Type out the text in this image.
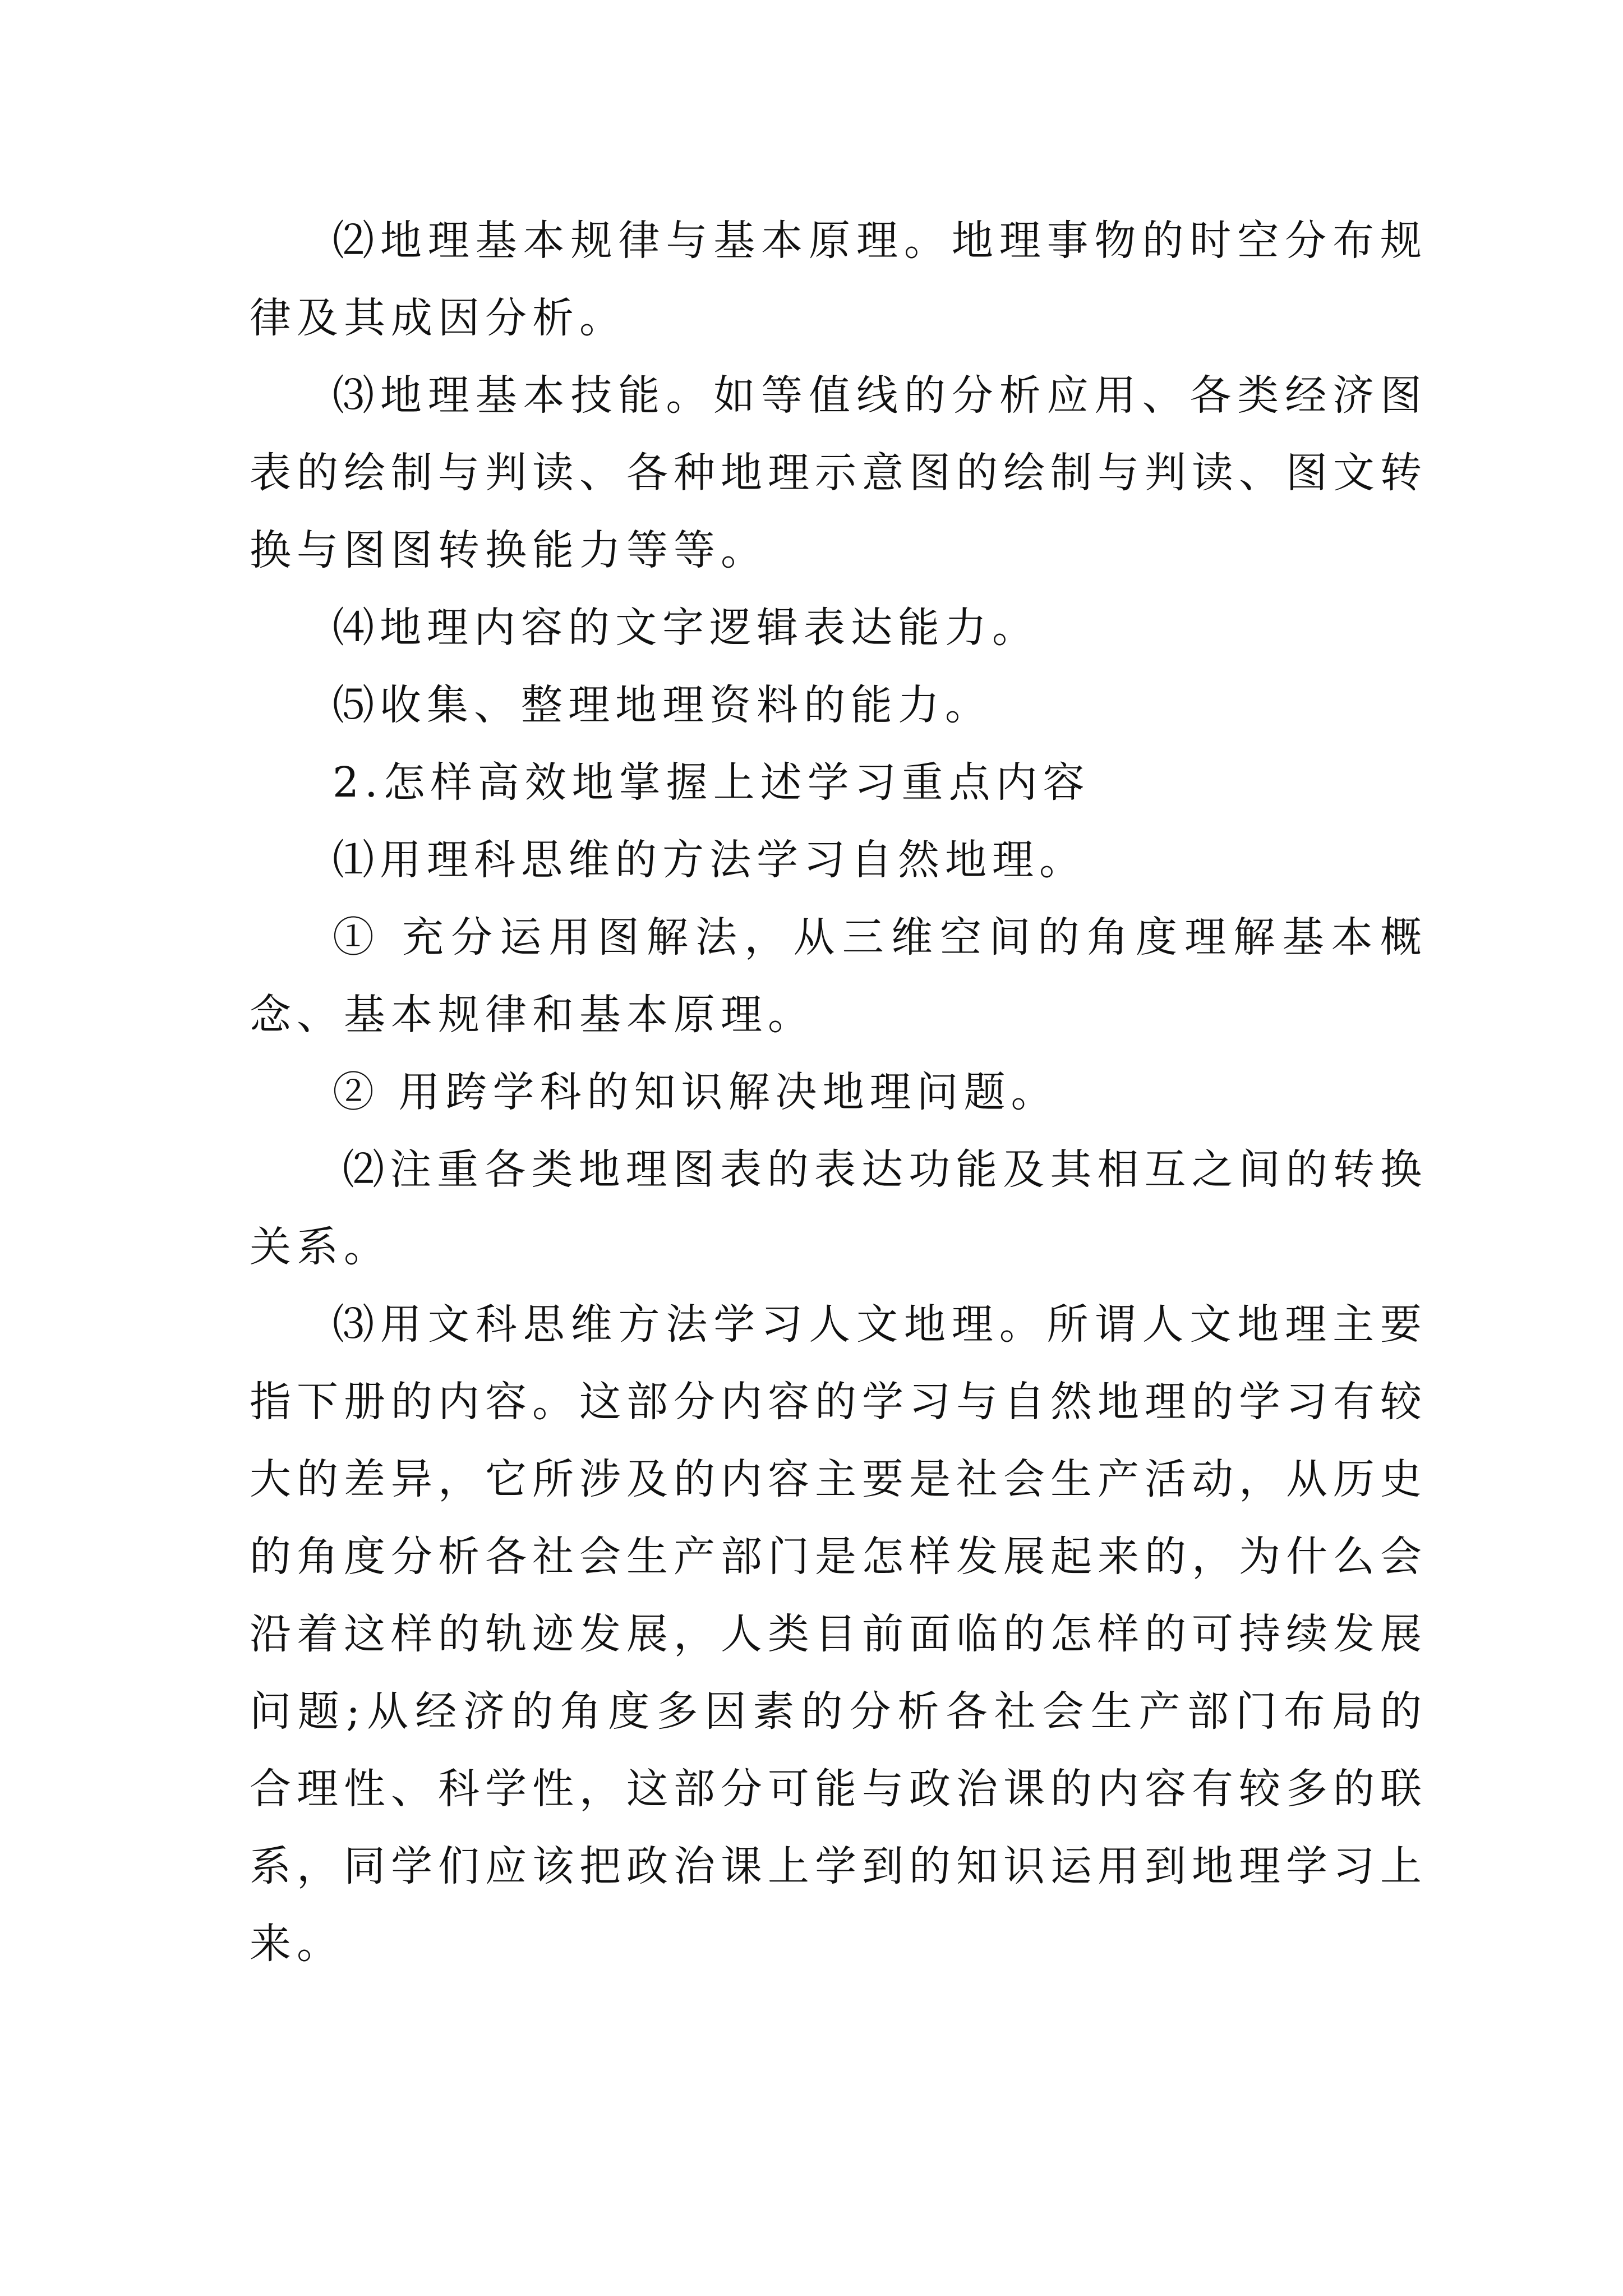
⑵地理基本规律与基本原理。地理事物的时空分布规律及其成因分析。

⑶地理基本技能。如等值线的分析应用、各类经济图表的绘制与判读、各种地理示意图的绘制与判读、图文转换与图图转换能力等等。

⑷地理内容的文字逻辑表达能力。

⑸收集、整理地理资料的能力。

2.怎样高效地掌握上述学习重点内容

⑴用理科思维的方法学习自然地理。

① 充分运用图解法，从三维空间的角度理解基本概念、基本规律和基本原理。

② 用跨学科的知识解决地理问题。

⑵注重各类地理图表的表达功能及其相互之间的转换关系。

⑶用文科思维方法学习人文地理。所谓人文地理主要指下册的内容。这部分内容的学习与自然地理的学习有较大的差异，它所涉及的内容主要是社会生产活动，从历史的角度分析各社会生产部门是怎样发展起来的，为什么会沿着这样的轨迹发展，人类目前面临的怎样的可持续发展问题;从经济的角度多因素的分析各社会生产部门布局的合理性、科学性，这部分可能与政治课的内容有较多的联系，同学们应该把政治课上学到的知识运用到地理学习上来。
